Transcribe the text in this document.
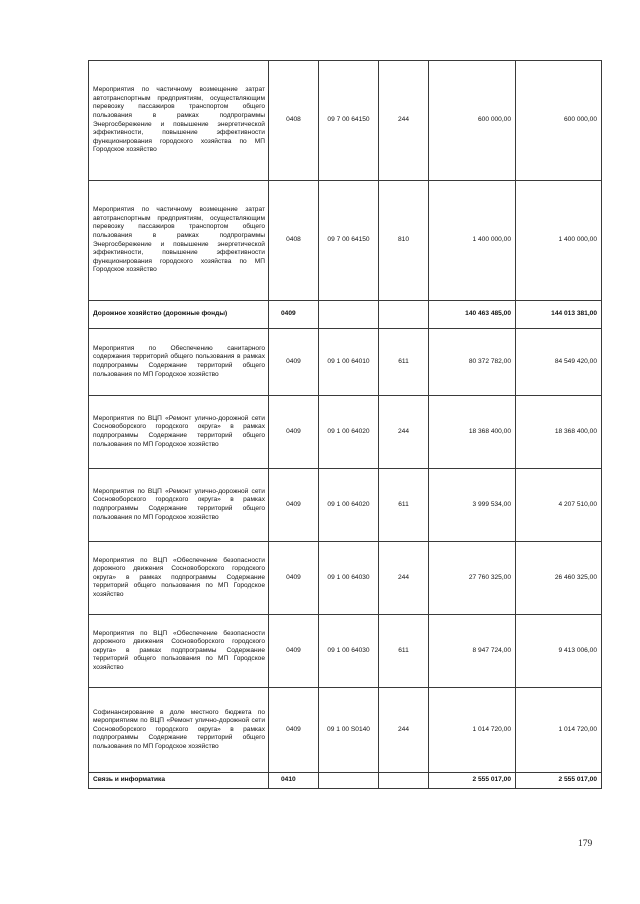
Мероприятия по частичному возмещение затрат автотранспортным предприятиям, осуществляющим перевозку пассажиров транспортом общего пользования в рамках подпрограммы Энергосбережение и повышение энергетической эффективности, повышение эффективности функционирования городского хозяйства по МП Городское хозяйство	0408	09 7 00 64150	244	600 000,00	600 000,00
Мероприятия по частичному возмещение затрат автотранспортным предприятиям, осуществляющим перевозку пассажиров транспортом общего пользования в рамках подпрограммы Энергосбережение и повышение энергетической эффективности, повышение эффективности функционирования городского хозяйства по МП Городское хозяйство	0408	09 7 00 64150	810	1 400 000,00	1 400 000,00
Дорожное хозяйство (дорожные фонды)	0409			140 463 485,00	144 013 381,00
Мероприятия по Обеспечению санитарного содержания территорий общего пользования в рамках подпрограммы Содержание территорий общего пользования по МП Городское хозяйство	0409	09 1 00 64010	611	80 372 782,00	84 549 420,00
Мероприятия по ВЦП «Ремонт улично-дорожной сети Сосновоборского городского округа» в рамках подпрограммы Содержание территорий общего пользования по МП Городское хозяйство	0409	09 1 00 64020	244	18 368 400,00	18 368 400,00
Мероприятия по ВЦП «Ремонт улично-дорожной сети Сосновоборского городского округа» в рамках подпрограммы Содержание территорий общего пользования по МП Городское хозяйство	0409	09 1 00 64020	611	3 999 534,00	4 207 510,00
Мероприятия по ВЦП «Обеспечение безопасности дорожного движения Сосновоборского городского округа» в рамках подпрограммы Содержание территорий общего пользования по МП Городское хозяйство	0409	09 1 00 64030	244	27 760 325,00	26 460 325,00
Мероприятия по ВЦП «Обеспечение безопасности дорожного движения Сосновоборского городского округа» в рамках подпрограммы Содержание территорий общего пользования по МП Городское хозяйство	0409	09 1 00 64030	611	8 947 724,00	9 413 006,00
Софинансирование в доле местного бюджета по мероприятиям по ВЦП «Ремонт улично-дорожной сети Сосновоборского городского округа» в рамках подпрограммы Содержание территорий общего пользования по МП Городское хозяйство	0409	09 1 00 S0140	244	1 014 720,00	1 014 720,00
Связь и информатика	0410			2 555 017,00	2 555 017,00
179
